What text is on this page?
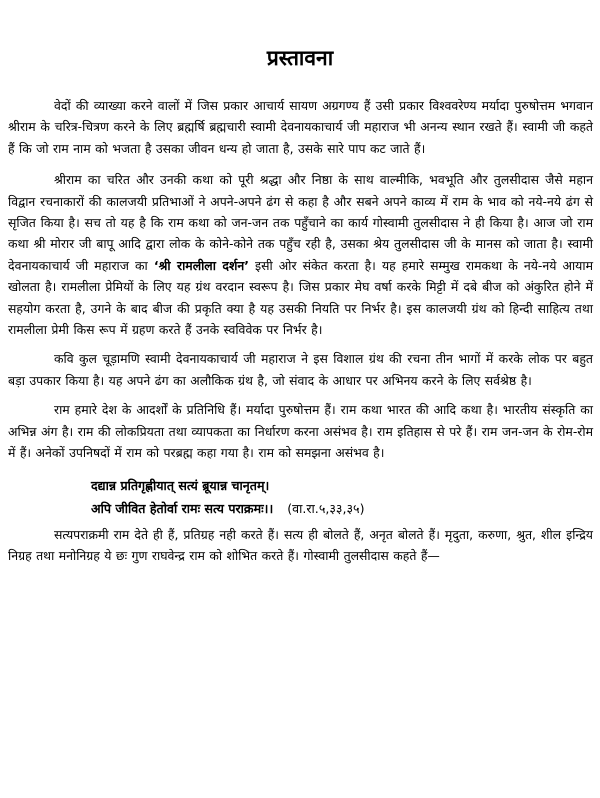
प्रस्तावना

वेदों की व्याख्या करने वालों में जिस प्रकार आचार्य सायण अग्रगण्य हैं उसी प्रकार विश्ववरेण्य मर्यादा पुरुषोत्तम भगवान श्रीराम के चरित्र-चित्रण करने के लिए ब्रह्मर्षि ब्रह्मचारी स्वामी देवनायकाचार्य जी महाराज भी अनन्य स्थान रखते हैं। स्वामी जी कहते हैं कि जो राम नाम को भजता है उसका जीवन धन्य हो जाता है, उसके सारे पाप कट जाते हैं।

श्रीराम का चरित और उनकी कथा को पूरी श्रद्धा और निष्ठा के साथ वाल्मीकि, भवभूति और तुलसीदास जैसे महान विद्वान रचनाकारों की कालजयी प्रतिभाओं ने अपने-अपने ढंग से कहा है और सबने अपने काव्य में राम के भाव को नये-नये ढंग से सृजित किया है। सच तो यह है कि राम कथा को जन-जन तक पहुँचाने का कार्य गोस्वामी तुलसीदास ने ही किया है। आज जो राम कथा श्री मोरार जी बापू आदि द्वारा लोक के कोने-कोने तक पहुँच रही है, उसका श्रेय तुलसीदास जी के मानस को जाता है। स्वामी देवनायकाचार्य जी महाराज का ‘श्री रामलीला दर्शन’ इसी ओर संकेत करता है। यह हमारे सम्मुख रामकथा के नये-नये आयाम खोलता है। रामलीला प्रेमियों के लिए यह ग्रंथ वरदान स्वरूप है। जिस प्रकार मेघ वर्षा करके मिट्टी में दबे बीज को अंकुरित होने में सहयोग करता है, उगने के बाद बीज की प्रकृति क्या है यह उसकी नियति पर निर्भर है। इस कालजयी ग्रंथ को हिन्दी साहित्य तथा रामलीला प्रेमी किस रूप में ग्रहण करते हैं उनके स्वविवेक पर निर्भर है।

कवि कुल चूड़ामणि स्वामी देवनायकाचार्य जी महाराज ने इस विशाल ग्रंथ की रचना तीन भागों में करके लोक पर बहुत बड़ा उपकार किया है। यह अपने ढंग का अलौकिक ग्रंथ है, जो संवाद के आधार पर अभिनय करने के लिए सर्वश्रेष्ठ है।

राम हमारे देश के आदर्शों के प्रतिनिधि हैं। मर्यादा पुरुषोत्तम हैं। राम कथा भारत की आदि कथा है। भारतीय संस्कृति का अभिन्न अंग है। राम की लोकप्रियता तथा व्यापकता का निर्धारण करना असंभव है। राम इतिहास से परे हैं। राम जन-जन के रोम-रोम में हैं। अनेकों उपनिषदों में राम को परब्रह्म कहा गया है। राम को समझना असंभव है।

दद्यान्न प्रतिगृह्णीयात् सत्यं ब्रूयान्न चानृतम्।

अपि जीवित हेतोर्वा रामः सत्य पराक्रमः।। (वा.रा.५,३३,३५)

सत्यपराक्रमी राम देते ही हैं, प्रतिग्रह नही करते हैं। सत्य ही बोलते हैं, अनृत बोलते हैं। मृदुता, करुणा, श्रुत, शील इन्द्रिय निग्रह तथा मनोनिग्रह ये छः गुण राघवेन्द्र राम को शोभित करते हैं। गोस्वामी तुलसीदास कहते हैं—
